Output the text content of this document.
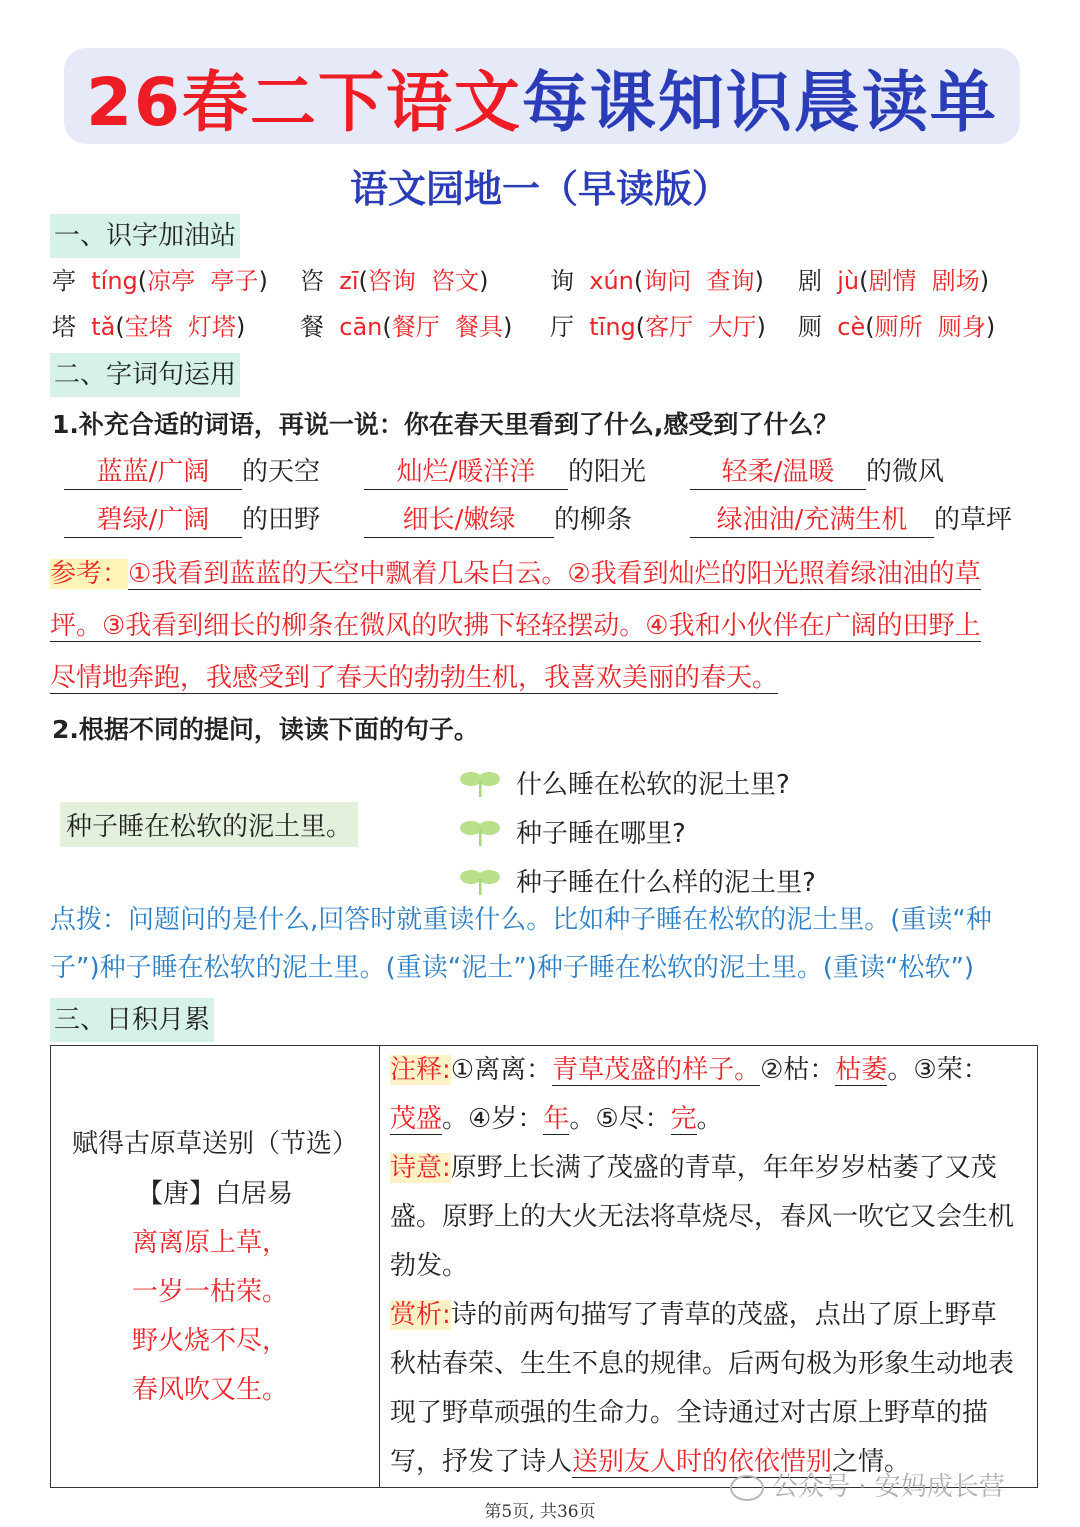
26春二下语文每课知识晨读单
语文园地一（早读版）
一、识字加油站
亭 tíng(凉亭  亭子) 咨 zī(咨询  咨文)	询 xún(询问  查询) 剧 jù(剧情  剧场)
塔 tǎ(宝塔  灯塔) 餐 cān(餐厅  餐具) 厅 tīng(客厅  大厅) 厕 cè(厕所  厕身)
二、字词句运用
1.补充合适的词语，再说一说：你在春天里看到了什么,感受到了什么？
蓝蓝/广阔 的天空	灿烂/暖洋洋 的阳光	轻柔/温暖 的微风
碧绿/广阔 的田野	细长/嫩绿 的柳条	绿油油/充满生机 的草坪
参考：①我看到蓝蓝的天空中飘着几朵白云。②我看到灿烂的阳光照着绿油油的草
坪。③我看到细长的柳条在微风的吹拂下轻轻摆动。④我和小伙伴在广阔的田野上
尽情地奔跑，我感受到了春天的勃勃生机，我喜欢美丽的春天。
2.根据不同的提问，读读下面的句子。
种子睡在松软的泥土里。
什么睡在松软的泥土里?
种子睡在哪里?
种子睡在什么样的泥土里?
点拨：问题问的是什么,回答时就重读什么。比如种子睡在松软的泥土里。(重读“种
子”)种子睡在松软的泥土里。(重读“泥土”)种子睡在松软的泥土里。(重读“松软”)
三、日积月累
赋得古原草送别（节选）
【唐】白居易
离离原上草，
一岁一枯荣。
野火烧不尽，
春风吹又生。

注释:①离离：青草茂盛的样子。②枯：枯萎。③荣：
茂盛。④岁：年。⑤尽：完。
诗意:原野上长满了茂盛的青草，年年岁岁枯萎了又茂
盛。原野上的大火无法将草烧尽，春风一吹它又会生机
勃发。
赏析:诗的前两句描写了青草的茂盛，点出了原上野草
秋枯春荣、生生不息的规律。后两句极为形象生动地表
现了野草顽强的生命力。全诗通过对古原上野草的描
写，抒发了诗人送别友人时的依依惜别之情。
公众号 · 安妈成长营
第5页, 共36页
